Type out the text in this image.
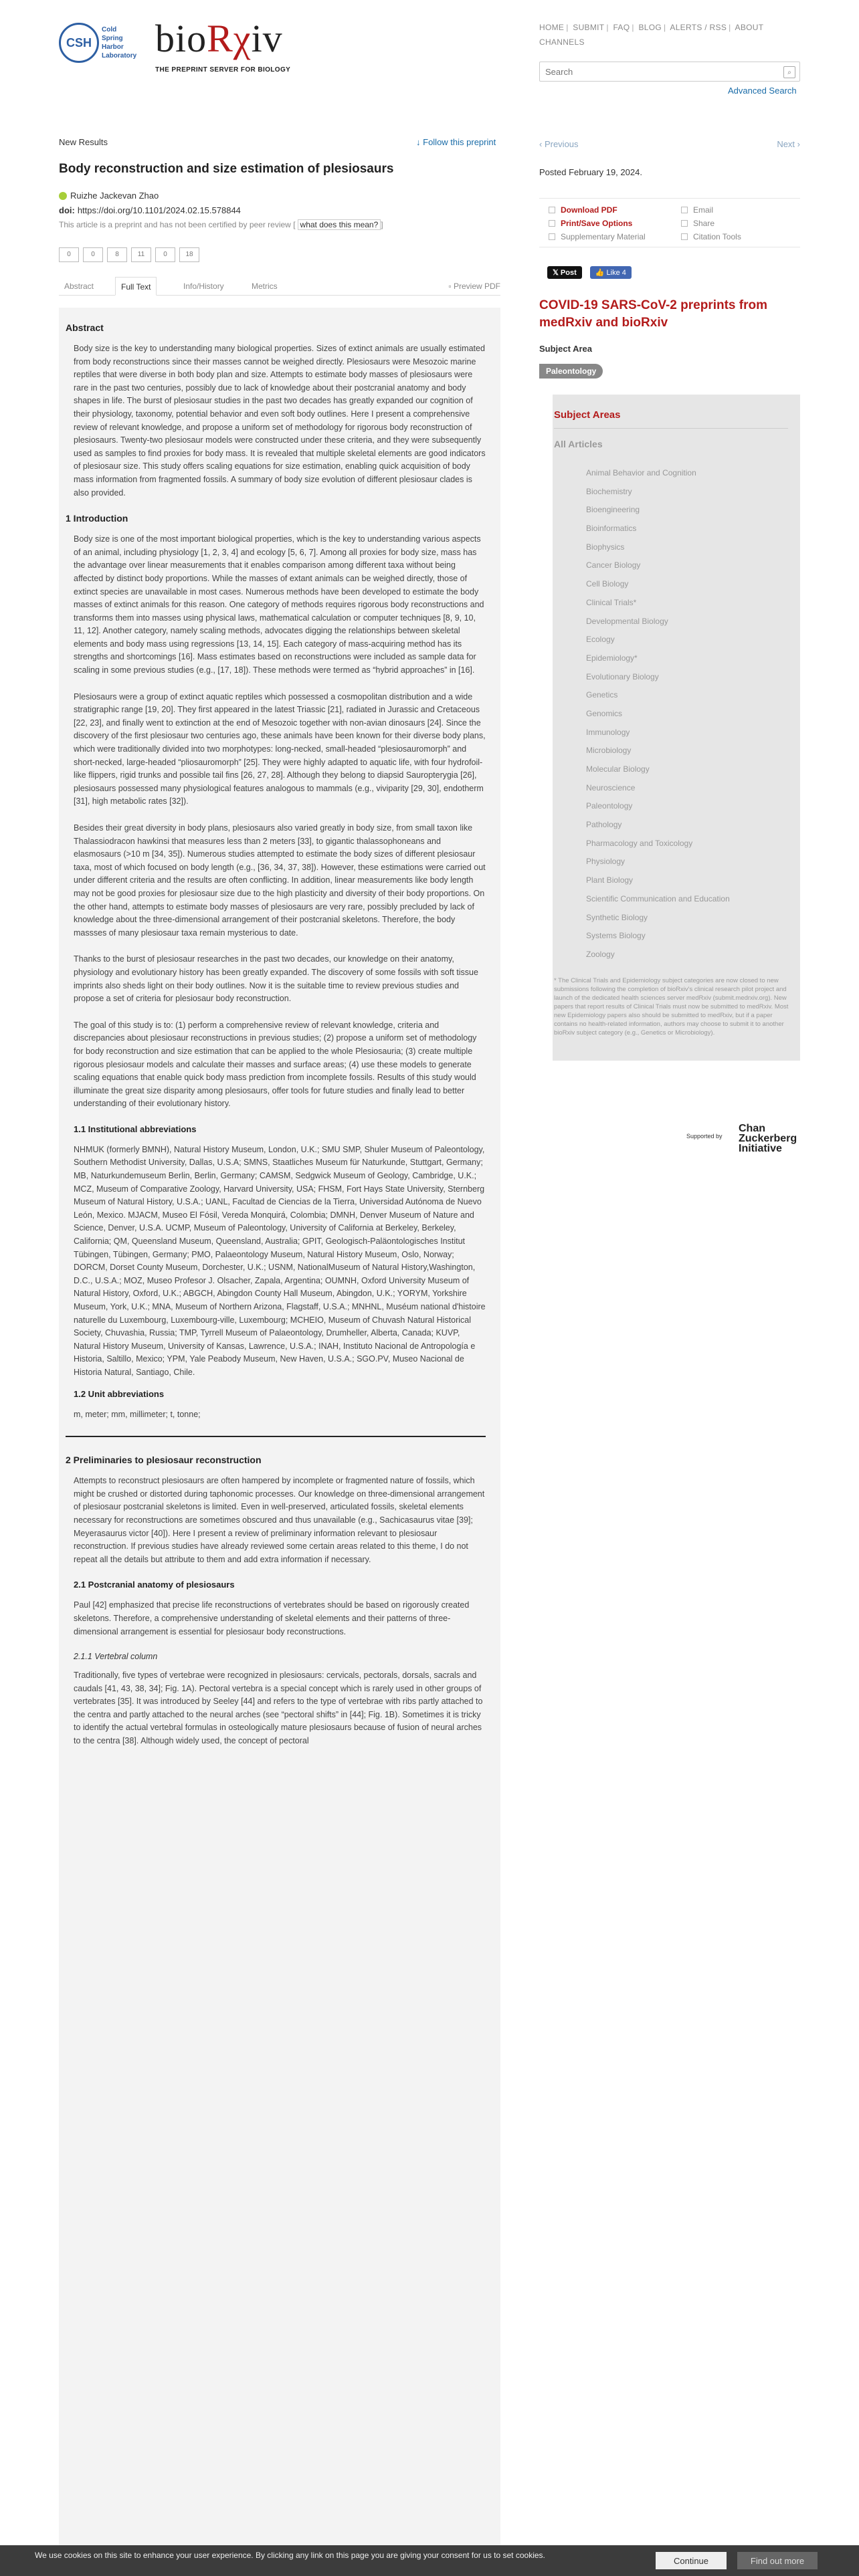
CSH
Cold
Spring
Harbor
Laboratory bioRχiv
THE PREPRINT SERVER FOR BIOLOGY
HOME | SUBMIT | FAQ | BLOG | ALERTS / RSS | ABOUT
CHANNELS
Search
⌕
Advanced Search
New Results	↓ Follow this preprint
Body reconstruction and size estimation of plesiosaurs
Ruizhe Jackevan Zhao
doi: https://doi.org/10.1101/2024.02.15.578844
This article is a preprint and has not been certified by peer review [ what does this mean? ]
0	0	8	11	0	18
Abstract	Full Text	Info/History	Metrics	▫ Preview PDF
Abstract

Body size is the key to understanding many biological properties. Sizes of extinct animals are usually estimated from body reconstructions since their masses cannot be weighed directly. Plesiosaurs were Mesozoic marine reptiles that were diverse in both body plan and size. Attempts to estimate body masses of plesiosaurs were rare in the past two centuries, possibly due to lack of knowledge about their postcranial anatomy and body shapes in life. The burst of plesiosaur studies in the past two decades has greatly expanded our cognition of their physiology, taxonomy, potential behavior and even soft body outlines. Here I present a comprehensive review of relevant knowledge, and propose a uniform set of methodology for rigorous body reconstruction of plesiosaurs. Twenty-two plesiosaur models were constructed under these criteria, and they were subsequently used as samples to find proxies for body mass. It is revealed that multiple skeletal elements are good indicators of plesiosaur size. This study offers scaling equations for size estimation, enabling quick acquisition of body mass information from fragmented fossils. A summary of body size evolution of different plesiosaur clades is also provided.

1 Introduction

Body size is one of the most important biological properties, which is the key to understanding various aspects of an animal, including physiology [1, 2, 3, 4] and ecology [5, 6, 7]. Among all proxies for body size, mass has the advantage over linear measurements that it enables comparison among different taxa without being affected by distinct body proportions. While the masses of extant animals can be weighed directly, those of extinct species are unavailable in most cases. Numerous methods have been developed to estimate the body masses of extinct animals for this reason. One category of methods requires rigorous body reconstructions and transforms them into masses using physical laws, mathematical calculation or computer techniques [8, 9, 10, 11, 12]. Another category, namely scaling methods, advocates digging the relationships between skeletal elements and body mass using regressions [13, 14, 15]. Each category of mass-acquiring method has its strengths and shortcomings [16]. Mass estimates based on reconstructions were included as sample data for scaling in some previous studies (e.g., [17, 18]). These methods were termed as “hybrid approaches” in [16].

Plesiosaurs were a group of extinct aquatic reptiles which possessed a cosmopolitan distribution and a wide stratigraphic range [19, 20]. They first appeared in the latest Triassic [21], radiated in Jurassic and Cretaceous [22, 23], and finally went to extinction at the end of Mesozoic together with non-avian dinosaurs [24]. Since the discovery of the first plesiosaur two centuries ago, these animals have been known for their diverse body plans, which were traditionally divided into two morphotypes: long-necked, small-headed “plesiosauromorph” and short-necked, large-headed “pliosauromorph” [25]. They were highly adapted to aquatic life, with four hydrofoil-like flippers, rigid trunks and possible tail fins [26, 27, 28]. Although they belong to diapsid Sauropterygia [26], plesiosaurs possessed many physiological features analogous to mammals (e.g., viviparity [29, 30], endotherm [31], high metabolic rates [32]).

Besides their great diversity in body plans, plesiosaurs also varied greatly in body size, from small taxon like Thalassiodracon hawkinsi that measures less than 2 meters [33], to gigantic thalassophoneans and elasmosaurs (>10 m [34, 35]). Numerous studies attempted to estimate the body sizes of different plesiosaur taxa, most of which focused on body length (e.g., [36, 34, 37, 38]). However, these estimations were carried out under different criteria and the results are often conflicting. In addition, linear measurements like body length may not be good proxies for plesiosaur size due to the high plasticity and diversity of their body proportions. On the other hand, attempts to estimate body masses of plesiosaurs are very rare, possibly precluded by lack of knowledge about the three-dimensional arrangement of their postcranial skeletons. Therefore, the body massses of many plesiosaur taxa remain mysterious to date.

Thanks to the burst of plesiosaur researches in the past two decades, our knowledge on their anatomy, physiology and evolutionary history has been greatly expanded. The discovery of some fossils with soft tissue imprints also sheds light on their body outlines. Now it is the suitable time to review previous studies and propose a set of criteria for plesiosaur body reconstruction.

The goal of this study is to: (1) perform a comprehensive review of relevant knowledge, criteria and discrepancies about plesiosaur reconstructions in previous studies; (2) propose a uniform set of methodology for body reconstruction and size estimation that can be applied to the whole Plesiosauria; (3) create multiple rigorous plesiosaur models and calculate their masses and surface areas; (4) use these models to generate scaling equations that enable quick body mass prediction from incomplete fossils. Results of this study would illuminate the great size disparity among plesiosaurs, offer tools for future studies and finally lead to better understanding of their evolutionary history.

1.1 Institutional abbreviations

NHMUK (formerly BMNH), Natural History Museum, London, U.K.; SMU SMP, Shuler Museum of Paleontology, Southern Methodist University, Dallas, U.S.A; SMNS, Staatliches Museum für Naturkunde, Stuttgart, Germany; MB, Naturkundemuseum Berlin, Berlin, Germany; CAMSM, Sedgwick Museum of Geology, Cambridge, U.K.; MCZ, Museum of Comparative Zoology, Harvard University, USA; FHSM, Fort Hays State University, Sternberg Museum of Natural History, U.S.A.; UANL, Facultad de Ciencias de la Tierra, Universidad Autónoma de Nuevo León, Mexico. MJACM, Museo El Fósil, Vereda Monquirá, Colombia; DMNH, Denver Museum of Nature and Science, Denver, U.S.A. UCMP, Museum of Paleontology, University of California at Berkeley, Berkeley, California; QM, Queensland Museum, Queensland, Australia; GPIT, Geologisch-Paläontologisches Institut Tübingen, Tübingen, Germany; PMO, Palaeontology Museum, Natural History Museum, Oslo, Norway; DORCM, Dorset County Museum, Dorchester, U.K.; USNM, NationalMuseum of Natural History,Washington, D.C., U.S.A.; MOZ, Museo Profesor J. Olsacher, Zapala, Argentina; OUMNH, Oxford University Museum of Natural History, Oxford, U.K.; ABGCH, Abingdon County Hall Museum, Abingdon, U.K.; YORYM, Yorkshire Museum, York, U.K.; MNA, Museum of Northern Arizona, Flagstaff, U.S.A.; MNHNL, Muséum national d'histoire naturelle du Luxembourg, Luxembourg-ville, Luxembourg; MCHEIO, Museum of Chuvash Natural Historical Society, Chuvashia, Russia; TMP, Tyrrell Museum of Palaeontology, Drumheller, Alberta, Canada; KUVP, Natural History Museum, University of Kansas, Lawrence, U.S.A.; INAH, Instituto Nacional de Antropología e Historia, Saltillo, Mexico; YPM, Yale Peabody Museum, New Haven, U.S.A.; SGO.PV, Museo Nacional de Historia Natural, Santiago, Chile.

1.2 Unit abbreviations

m, meter; mm, millimeter; t, tonne;

2 Preliminaries to plesiosaur reconstruction

Attempts to reconstruct plesiosaurs are often hampered by incomplete or fragmented nature of fossils, which might be crushed or distorted during taphonomic processes. Our knowledge on three-dimensional arrangement of plesiosaur postcranial skeletons is limited. Even in well-preserved, articulated fossils, skeletal elements necessary for reconstructions are sometimes obscured and thus unavailable (e.g., Sachicasaurus vitae [39]; Meyerasaurus victor [40]). Here I present a review of preliminary information relevant to plesiosaur reconstruction. If previous studies have already reviewed some certain areas related to this theme, I do not repeat all the details but attribute to them and add extra information if necessary.

2.1 Postcranial anatomy of plesiosaurs

Paul [42] emphasized that precise life reconstructions of vertebrates should be based on rigorously created skeletons. Therefore, a comprehensive understanding of skeletal elements and their patterns of three-dimensional arrangement is essential for plesiosaur body reconstructions.

2.1.1 Vertebral column

Traditionally, five types of vertebrae were recognized in plesiosaurs: cervicals, pectorals, dorsals, sacrals and caudals [41, 43, 38, 34]; Fig. 1A). Pectoral vertebra is a special concept which is rarely used in other groups of vertebrates [35]. It was introduced by Seeley [44] and refers to the type of vertebrae with ribs partly attached to the centra and partly attached to the neural arches (see “pectoral shifts” in [44]; Fig. 1B). Sometimes it is tricky to identify the actual vertebral formulas in osteologically mature plesiosaurs because of fusion of neural arches to the centra [38]. Although widely used, the concept of pectoral

‹ Previous	Next ›
Posted February 19, 2024.
Download PDF
Print/Save Options
Supplementary Material
Email
Share
Citation Tools
𝕏 Post	👍 Like 4
COVID-19 SARS-CoV-2 preprints from medRxiv and bioRxiv
Subject Area
Paleontology
Subject Areas
All Articles
Animal Behavior and Cognition
Biochemistry
Bioengineering
Bioinformatics
Biophysics
Cancer Biology
Cell Biology
Clinical Trials*
Developmental Biology
Ecology
Epidemiology*
Evolutionary Biology
Genetics
Genomics
Immunology
Microbiology
Molecular Biology
Neuroscience
Paleontology
Pathology
Pharmacology and Toxicology
Physiology
Plant Biology
Scientific Communication and Education
Synthetic Biology
Systems Biology
Zoology
* The Clinical Trials and Epidemiology subject categories are now closed to new submissions following the completion of bioRxiv's clinical research pilot project and launch of the dedicated health sciences server medRxiv (submit.medrxiv.org). New papers that report results of Clinical Trials must now be submitted to medRxiv. Most new Epidemiology papers also should be submitted to medRxiv, but if a paper contains no health-related information, authors may choose to submit it to another bioRxiv subject category (e.g., Genetics or Microbiology).
Supported by
Chan
Zuckerberg
Initiative
We use cookies on this site to enhance your user experience. By clicking any link on this page you are giving your consent for us to set cookies.
Continue	Find out more
